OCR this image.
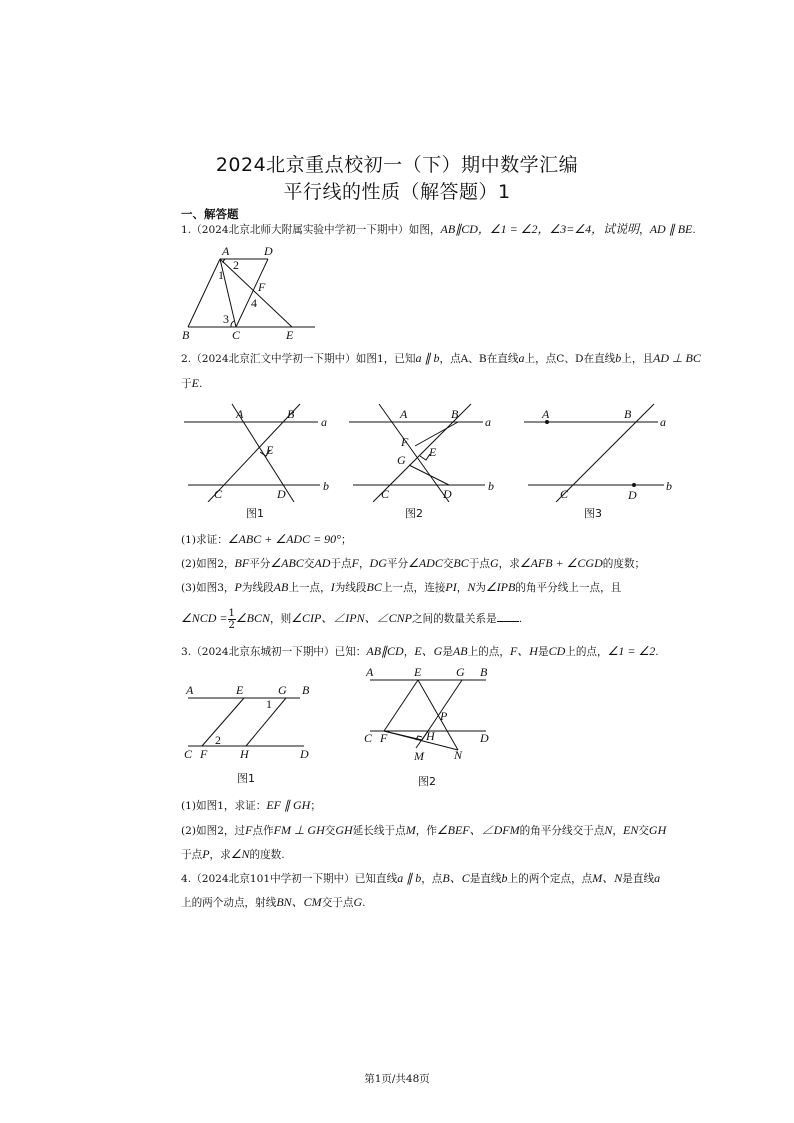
2024北京重点校初一（下）期中数学汇编
平行线的性质（解答题）1
一、解答题
1.（2024北京北师大附属实验中学初一下期中）如图，AB∥CD，∠1 = ∠2，∠3=∠4，试说明，AD ∥ BE.
A	D
2
1
F
4
3
B	C	E
2.（2024北京汇文中学初一下期中）如图1，已知a ∥ b，点A、B在直线a上，点C、D在直线b上，且AD ⊥ BC
于E.
A	B
a
E
C	D
b
图1
A	B
a
F
E
G
C	D
b
图2
A	B
a
C	D
b
图3
(1)求证：∠ABC + ∠ADC = 90°；
(2)如图2，BF平分∠ABC交AD于点F，DG平分∠ADC交BC于点G，求∠AFB + ∠CGD的度数；
(3)如图3，P为线段AB上一点，I为线段BC上一点，连接PI，N为∠IPB的角平分线上一点，且
∠NCD = $\frac{1}{2}$ ∠BCN，则∠CIP、∠IPN、∠CNP之间的数量关系是 .
3.（2024北京东城初一下期中）已知：AB∥CD，E、G是AB上的点，F、H是CD上的点，∠1 = ∠2.
A	E	G B
1
2
C F	H	D
图1
A	E	G B
P
C F	H	D
M	N
图2
(1)如图1，求证：EF ∥ GH；
(2)如图2，过F点作FM ⊥ GH交GH延长线于点M，作∠BEF、∠DFM的角平分线交于点N，EN交GH
于点P，求∠N的度数.
4.（2024北京101中学初一下期中）已知直线a ∥ b，点B、C是直线b上的两个定点，点M、N是直线a
上的两个动点，射线BN、CM交于点G.
第1页/共48页
